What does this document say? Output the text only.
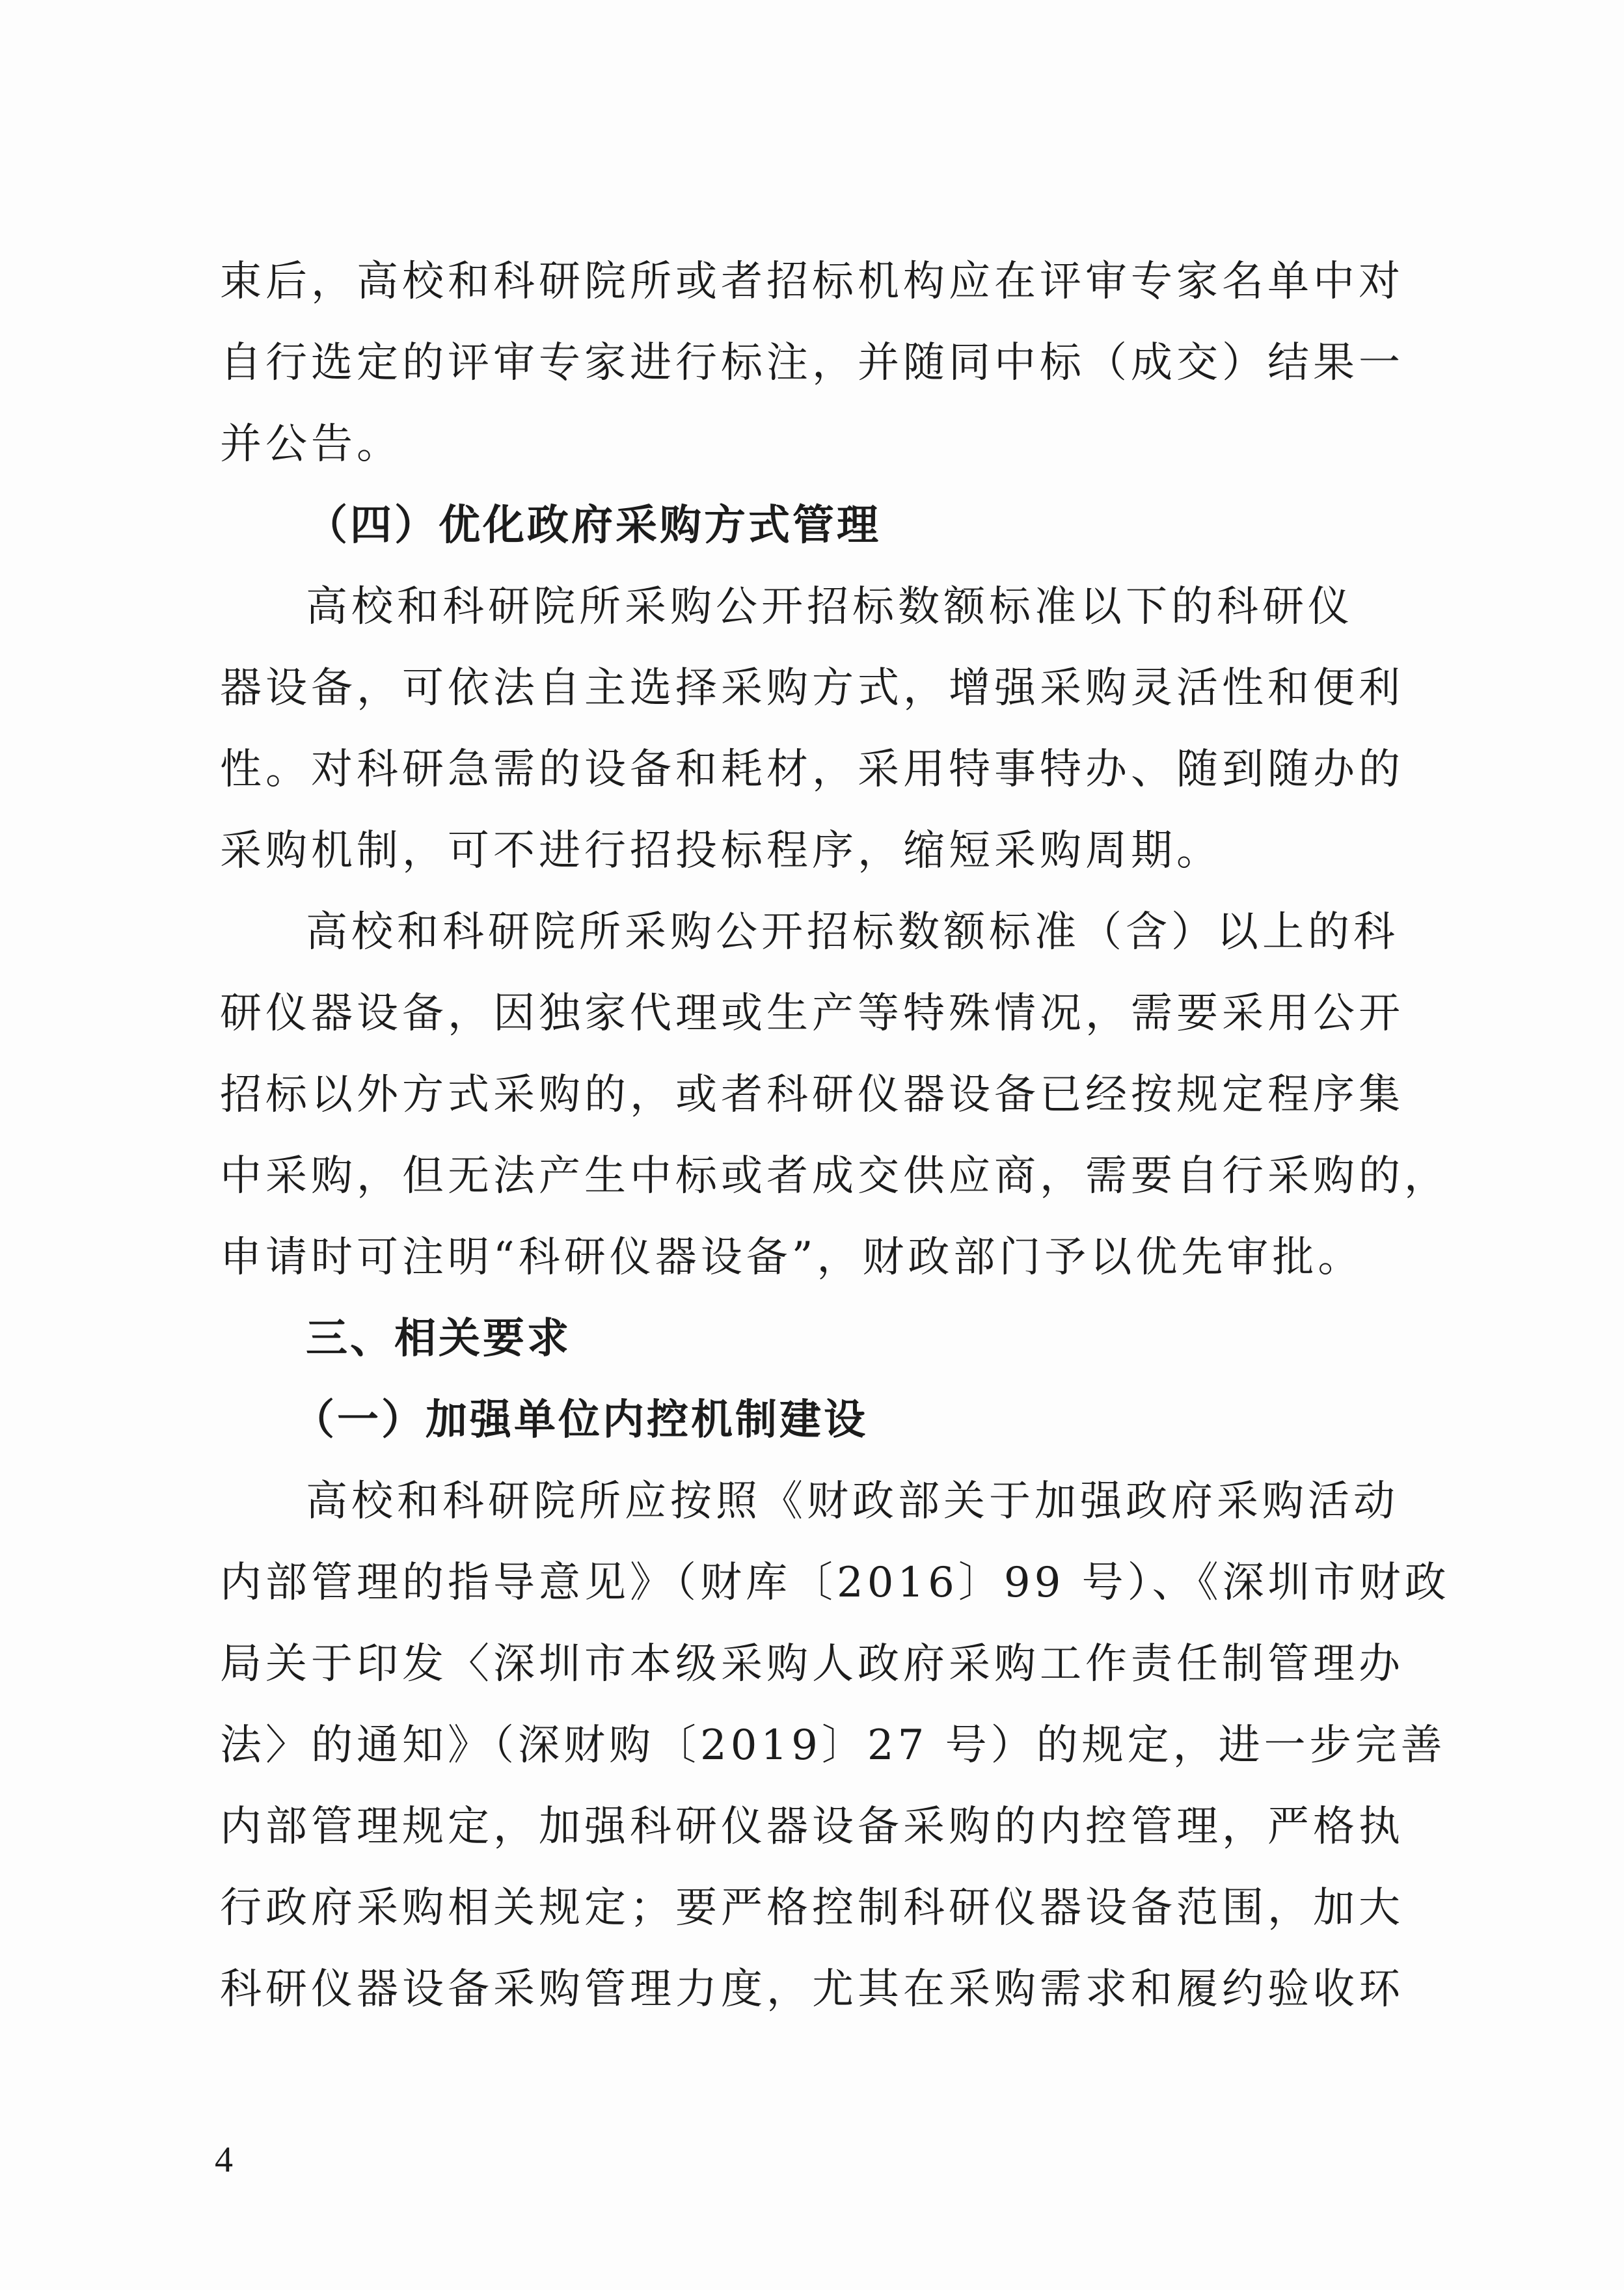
束后，高校和科研院所或者招标机构应在评审专家名单中对
自行选定的评审专家进行标注，并随同中标（成交）结果一
并公告。
（四）优化政府采购方式管理
高校和科研院所采购公开招标数额标准以下的科研仪
器设备，可依法自主选择采购方式，增强采购灵活性和便利
性。对科研急需的设备和耗材，采用特事特办、随到随办的
采购机制，可不进行招投标程序，缩短采购周期。
高校和科研院所采购公开招标数额标准（含）以上的科
研仪器设备，因独家代理或生产等特殊情况，需要采用公开
招标以外方式采购的，或者科研仪器设备已经按规定程序集
中采购，但无法产生中标或者成交供应商，需要自行采购的，
申请时可注明“科研仪器设备”，财政部门予以优先审批。
三、相关要求
（一）加强单位内控机制建设
高校和科研院所应按照《财政部关于加强政府采购活动
内部管理的指导意见》（财库〔2016〕99 号）、《深圳市财政
局关于印发〈深圳市本级采购人政府采购工作责任制管理办
法〉的通知》（深财购〔2019〕27 号）的规定，进一步完善
内部管理规定，加强科研仪器设备采购的内控管理，严格执
行政府采购相关规定；要严格控制科研仪器设备范围，加大
科研仪器设备采购管理力度，尤其在采购需求和履约验收环
4
